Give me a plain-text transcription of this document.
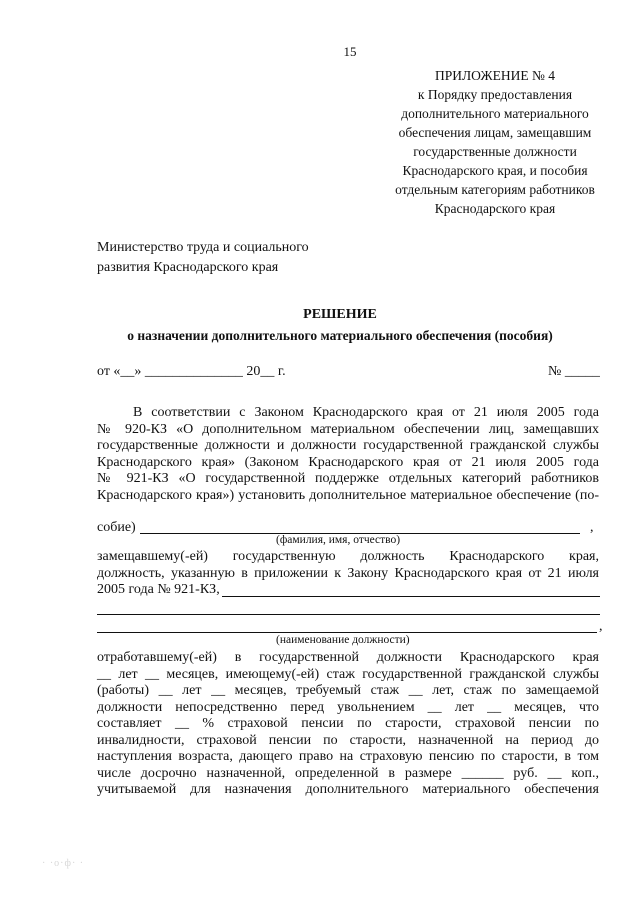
15
ПРИЛОЖЕНИЕ № 4
к Порядку предоставления
дополнительного материального
обеспечения лицам, замещавшим
государственные должности
Краснодарского края, и пособия
отдельным категориям работников
Краснодарского края
Министерство труда и социального
развития Краснодарского края
РЕШЕНИЕ
о назначении дополнительного материального обеспечения (пособия)
от «__» ______________ 20__ г.	№ _____
В соответствии с Законом Краснодарского края от 21 июля 2005 года
№ 920-КЗ «О дополнительном материальном обеспечении лиц, замещавших
государственные должности и должности государственной гражданской службы
Краснодарского края» (Законом Краснодарского края от 21 июля 2005 года
№ 921-КЗ «О государственной поддержке отдельных категорий работников
Краснодарского края») установить дополнительное материальное обеспечение (по-
собие)	,
(фамилия, имя, отчество)
замещавшему(-ей) государственную должность Краснодарского края,
должность, указанную в приложении к Закону Краснодарского края от 21 июля
2005 года № 921-КЗ,
,
(наименование должности)
отработавшему(-ей) в государственной должности Краснодарского края
__ лет __ месяцев, имеющему(-ей) стаж государственной гражданской службы
(работы) __ лет __ месяцев, требуемый стаж __ лет, стаж по замещаемой
должности непосредственно перед увольнением __ лет __ месяцев, что
составляет __ % страховой пенсии по старости, страховой пенсии по
инвалидности, страховой пенсии по старости, назначенной на период до
наступления возраста, дающего право на страховую пенсию по старости, в том
числе досрочно назначенной, определенной в размере ______ руб. __ коп.,
учитываемой для назначения дополнительного материального обеспечения
· ·о·ф· ·
